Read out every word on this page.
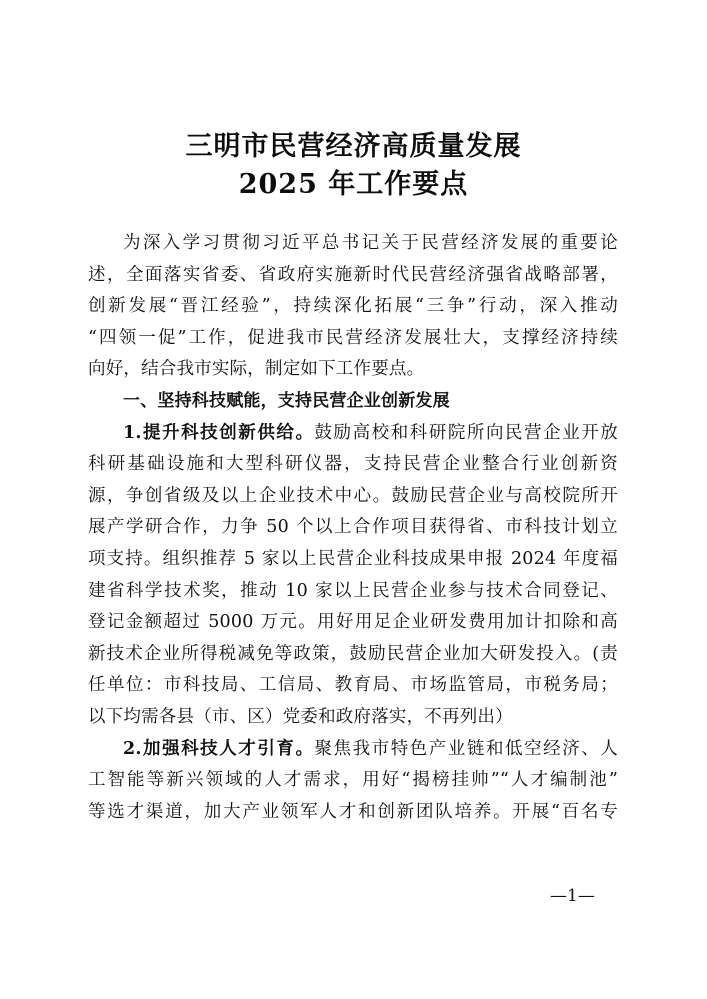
三明市民营经济高质量发展
2025 年工作要点
为深入学习贯彻习近平总书记关于民营经济发展的重要论
述，全面落实省委、省政府实施新时代民营经济强省战略部署，
创新发展“晋江经验”，持续深化拓展“三争”行动，深入推动
“四领一促”工作，促进我市民营经济发展壮大，支撑经济持续
向好，结合我市实际，制定如下工作要点。
一、坚持科技赋能，支持民营企业创新发展
1.提升科技创新供给。鼓励高校和科研院所向民营企业开放
科研基础设施和大型科研仪器，支持民营企业整合行业创新资
源，争创省级及以上企业技术中心。鼓励民营企业与高校院所开
展产学研合作，力争 50 个以上合作项目获得省、市科技计划立
项支持。组织推荐 5 家以上民营企业科技成果申报 2024 年度福
建省科学技术奖，推动 10 家以上民营企业参与技术合同登记、
登记金额超过 5000 万元。用好用足企业研发费用加计扣除和高
新技术企业所得税减免等政策，鼓励民营企业加大研发投入。(责
任单位：市科技局、工信局、教育局、市场监管局，市税务局；
以下均需各县（市、区）党委和政府落实，不再列出）
2.加强科技人才引育。聚焦我市特色产业链和低空经济、人
工智能等新兴领域的人才需求，用好“揭榜挂帅”“人才编制池”
等选才渠道，加大产业领军人才和创新团队培养。开展“百名专
—1—
